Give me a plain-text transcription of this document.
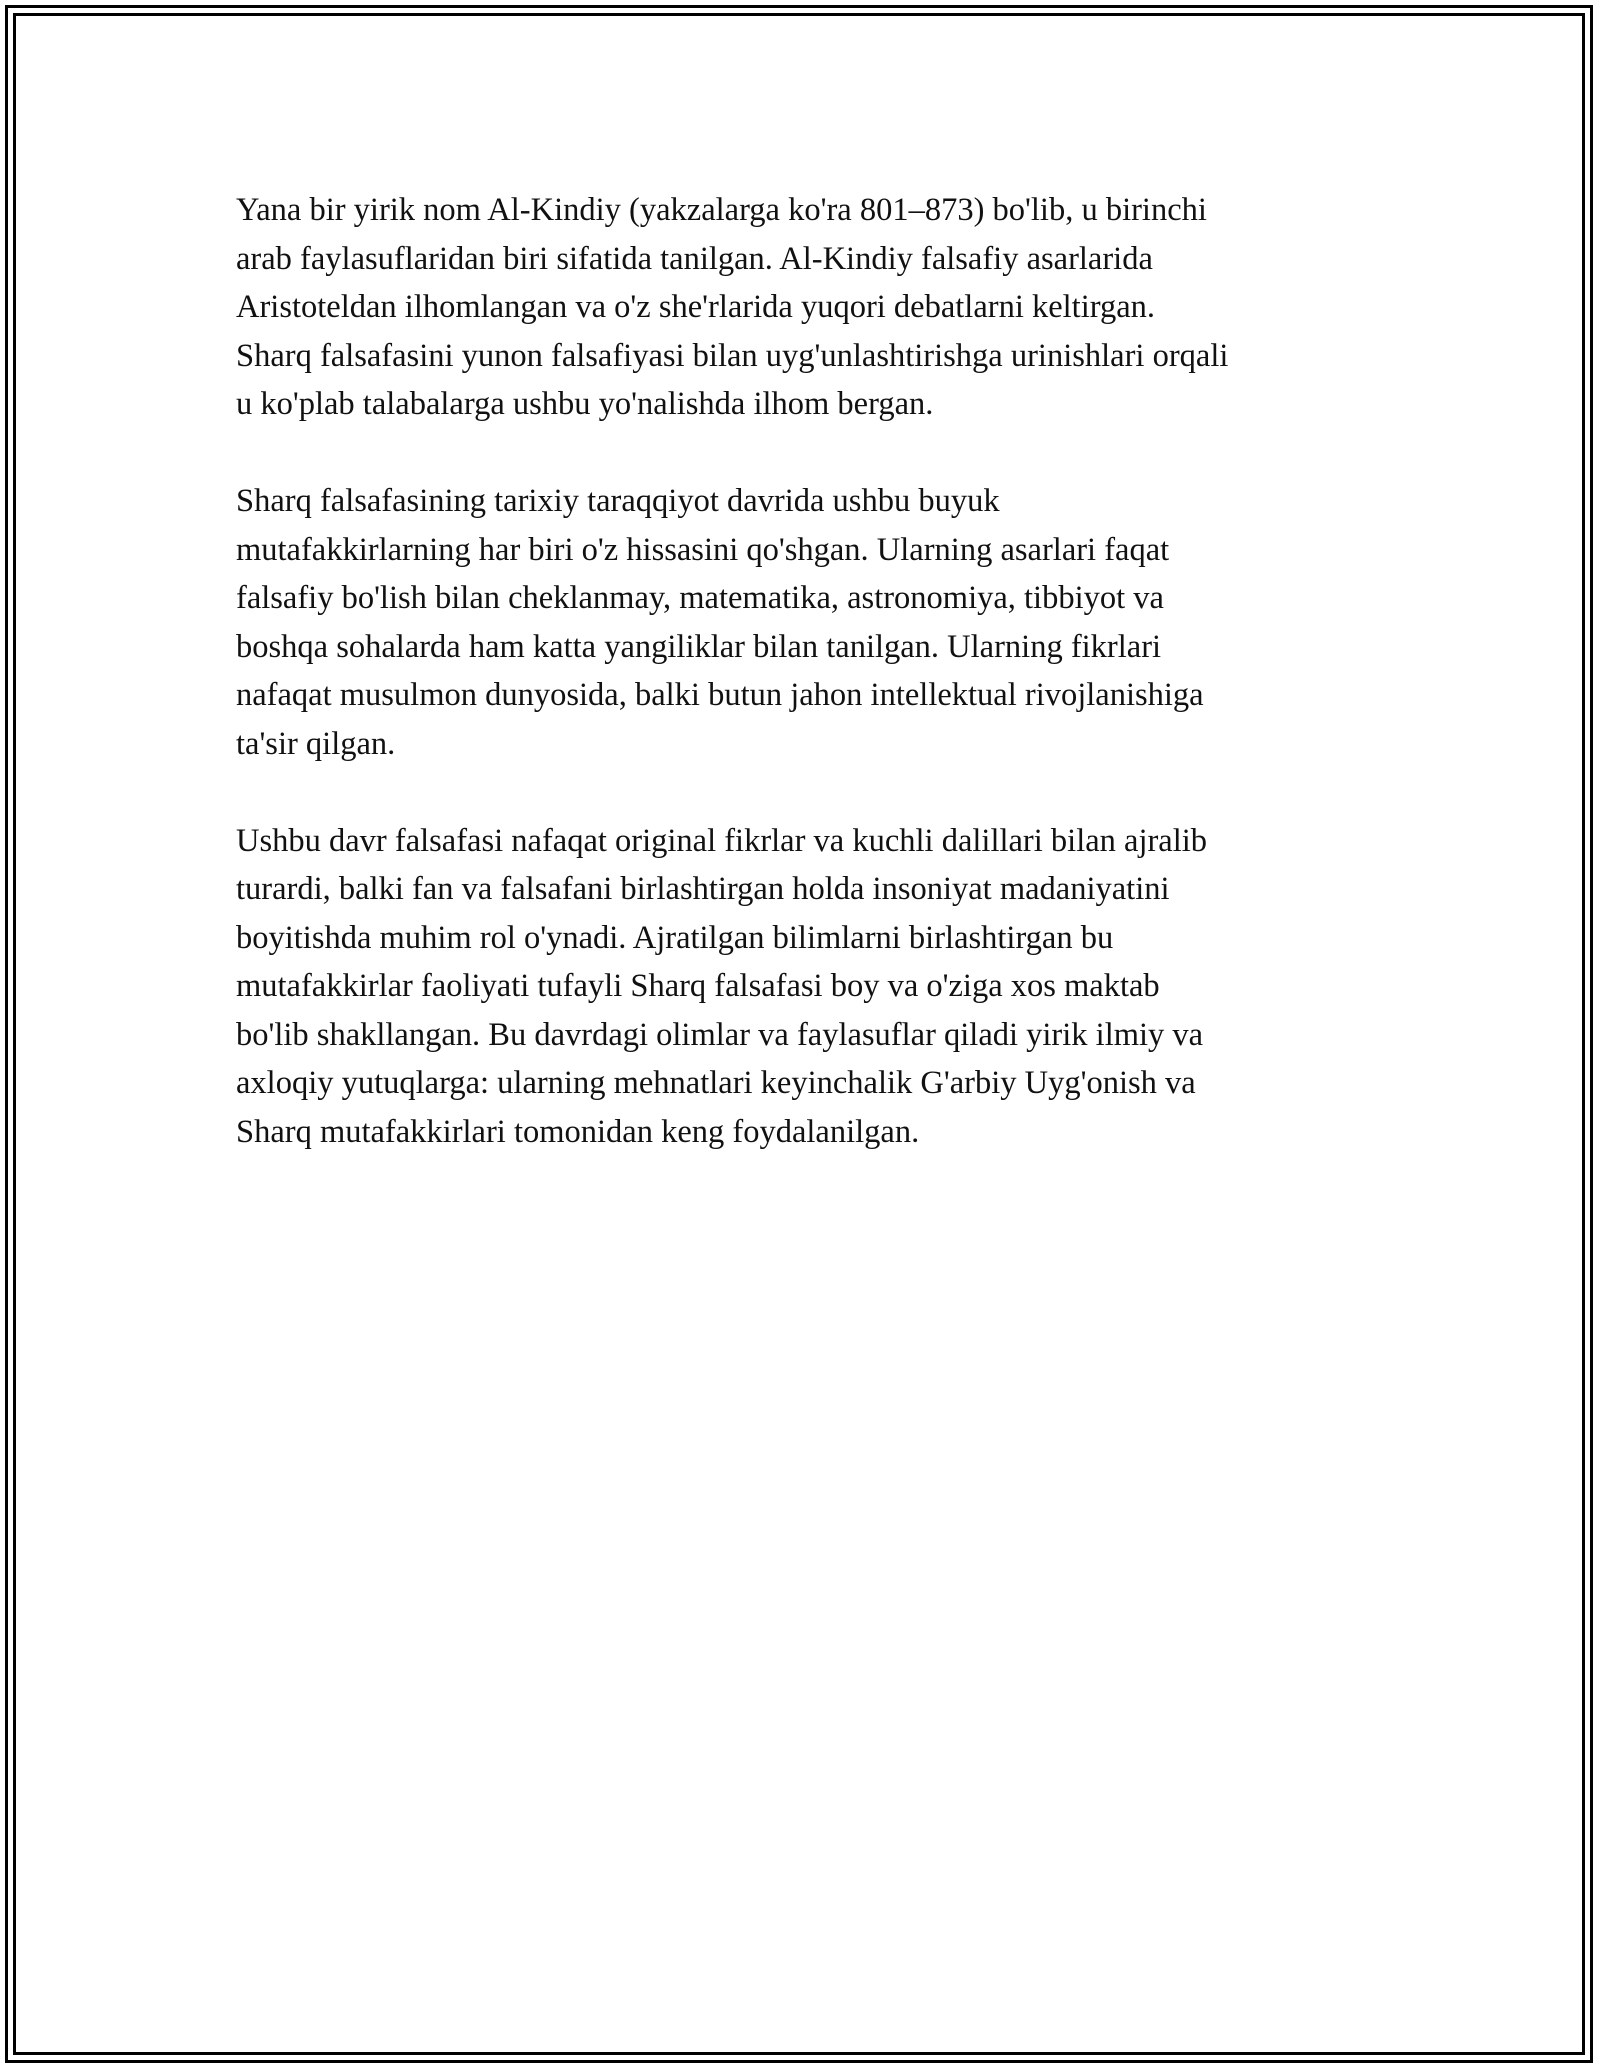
Yana bir yirik nom Al-Kindiy (yakzalarga ko'ra 801–873) bo'lib, u birinchi
arab faylasuflaridan biri sifatida tanilgan. Al-Kindiy falsafiy asarlarida
Aristoteldan ilhomlangan va o'z she'rlarida yuqori debatlarni keltirgan.
Sharq falsafasini yunon falsafiyasi bilan uyg'unlashtirishga urinishlari orqali
u ko'plab talabalarga ushbu yo'nalishda ilhom bergan.

Sharq falsafasining tarixiy taraqqiyot davrida ushbu buyuk
mutafakkirlarning har biri o'z hissasini qo'shgan. Ularning asarlari faqat
falsafiy bo'lish bilan cheklanmay, matematika, astronomiya, tibbiyot va
boshqa sohalarda ham katta yangiliklar bilan tanilgan. Ularning fikrlari
nafaqat musulmon dunyosida, balki butun jahon intellektual rivojlanishiga
ta'sir qilgan.

Ushbu davr falsafasi nafaqat original fikrlar va kuchli dalillari bilan ajralib
turardi, balki fan va falsafani birlashtirgan holda insoniyat madaniyatini
boyitishda muhim rol o'ynadi. Ajratilgan bilimlarni birlashtirgan bu
mutafakkirlar faoliyati tufayli Sharq falsafasi boy va o'ziga xos maktab
bo'lib shakllangan. Bu davrdagi olimlar va faylasuflar qiladi yirik ilmiy va
axloqiy yutuqlarga: ularning mehnatlari keyinchalik G'arbiy Uyg'onish va
Sharq mutafakkirlari tomonidan keng foydalanilgan.
